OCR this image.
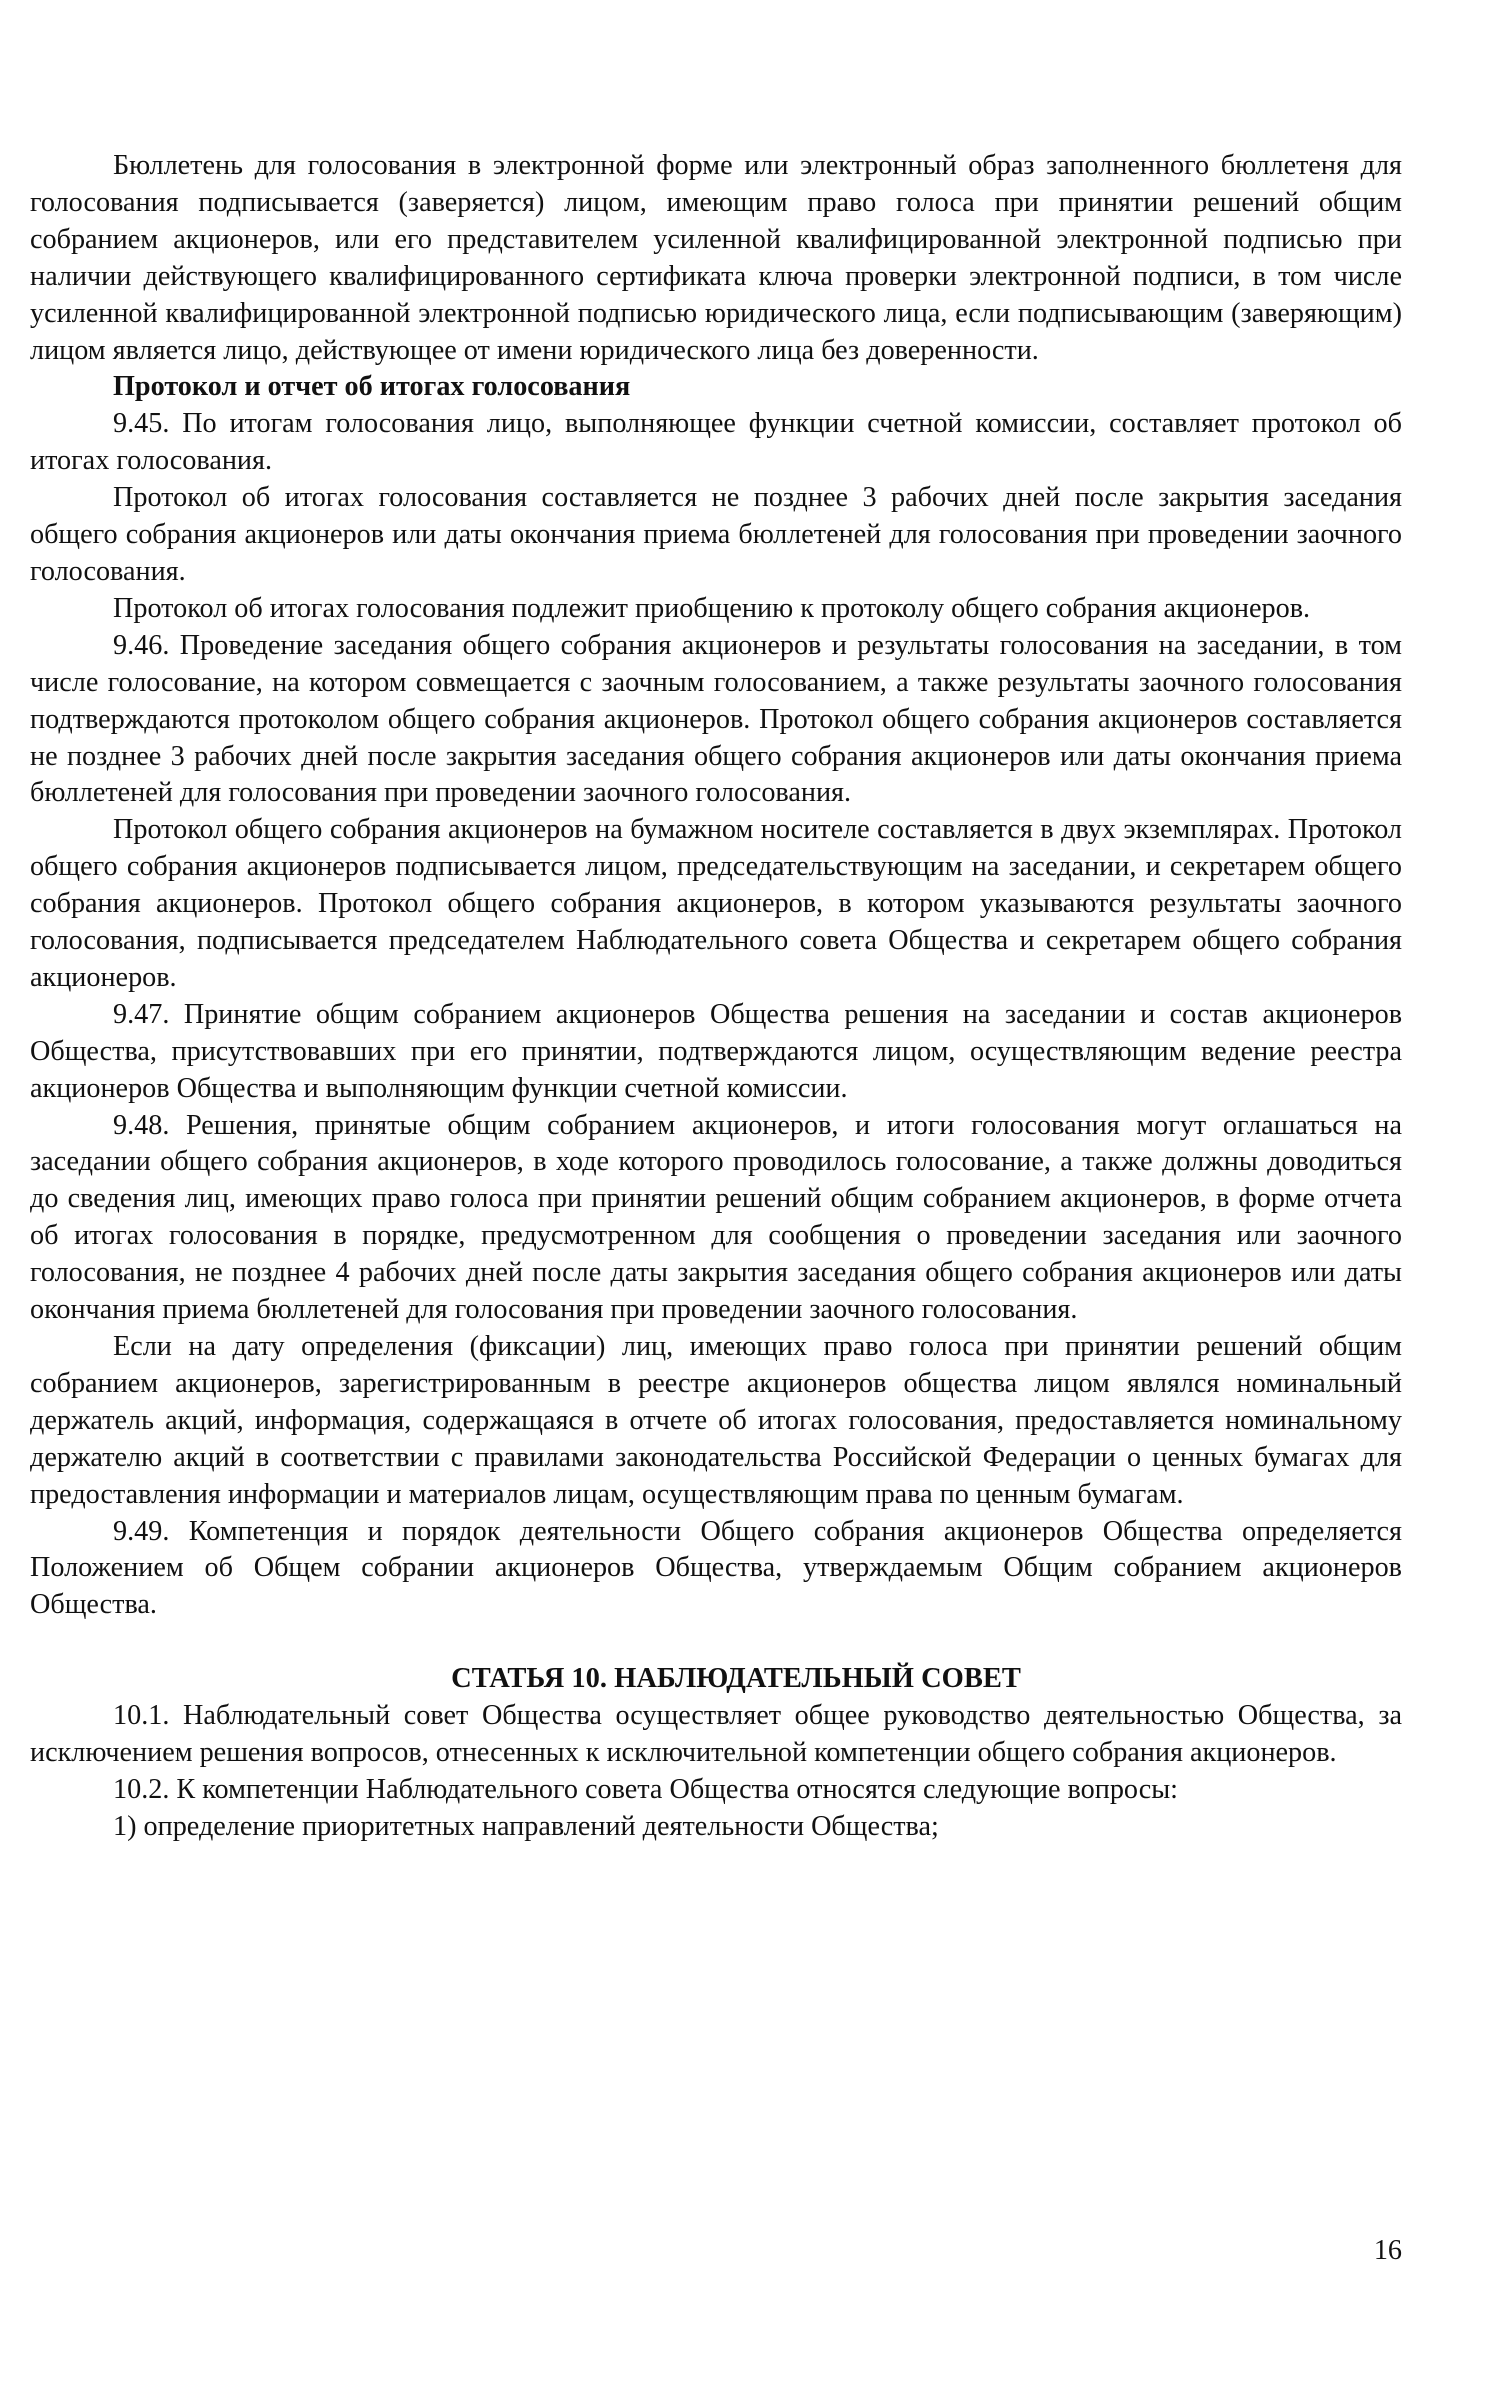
Бюллетень для голосования в электронной форме или электронный образ заполненного бюллетеня для голосования подписывается (заверяется) лицом, имеющим право голоса при принятии решений общим собранием акционеров, или его представителем усиленной квалифицированной электронной подписью при наличии действующего квалифицированного сертификата ключа проверки электронной подписи, в том числе усиленной квалифицированной электронной подписью юридического лица, если подписывающим (заверяющим) лицом является лицо, действующее от имени юридического лица без доверенности.

Протокол и отчет об итогах голосования

9.45. По итогам голосования лицо, выполняющее функции счетной комиссии, составляет протокол об итогах голосования.

Протокол об итогах голосования составляется не позднее 3 рабочих дней после закрытия заседания общего собрания акционеров или даты окончания приема бюллетеней для голосования при проведении заочного голосования.

Протокол об итогах голосования подлежит приобщению к протоколу общего собрания акционеров.

9.46. Проведение заседания общего собрания акционеров и результаты голосования на заседании, в том числе голосование, на котором совмещается с заочным голосованием, а также результаты заочного голосования подтверждаются протоколом общего собрания акционеров. Протокол общего собрания акционеров составляется не позднее 3 рабочих дней после закрытия заседания общего собрания акционеров или даты окончания приема бюллетеней для голосования при проведении заочного голосования.

Протокол общего собрания акционеров на бумажном носителе составляется в двух экземплярах. Протокол общего собрания акционеров подписывается лицом, председательствующим на заседании, и секретарем общего собрания акционеров. Протокол общего собрания акционеров, в котором указываются результаты заочного голосования, подписывается председателем Наблюдательного совета Общества и секретарем общего собрания акционеров.

9.47. Принятие общим собранием акционеров Общества решения на заседании и состав акционеров Общества, присутствовавших при его принятии, подтверждаются лицом, осуществляющим ведение реестра акционеров Общества и выполняющим функции счетной комиссии.

9.48. Решения, принятые общим собранием акционеров, и итоги голосования могут оглашаться на заседании общего собрания акционеров, в ходе которого проводилось голосование, а также должны доводиться до сведения лиц, имеющих право голоса при принятии решений общим собранием акционеров, в форме отчета об итогах голосования в порядке, предусмотренном для сообщения о проведении заседания или заочного голосования, не позднее 4 рабочих дней после даты закрытия заседания общего собрания акционеров или даты окончания приема бюллетеней для голосования при проведении заочного голосования.

Если на дату определения (фиксации) лиц, имеющих право голоса при принятии решений общим собранием акционеров, зарегистрированным в реестре акционеров общества лицом являлся номинальный держатель акций, информация, содержащаяся в отчете об итогах голосования, предоставляется номинальному держателю акций в соответствии с правилами законодательства Российской Федерации о ценных бумагах для предоставления информации и материалов лицам, осуществляющим права по ценным бумагам.

9.49. Компетенция и порядок деятельности Общего собрания акционеров Общества определяется Положением об Общем собрании акционеров Общества, утверждаемым Общим собранием акционеров Общества.

СТАТЬЯ 10. НАБЛЮДАТЕЛЬНЫЙ СОВЕТ

10.1. Наблюдательный совет Общества осуществляет общее руководство деятельностью Общества, за исключением решения вопросов, отнесенных к исключительной компетенции общего собрания акционеров.

10.2. К компетенции Наблюдательного совета Общества относятся следующие вопросы:

1) определение приоритетных направлений деятельности Общества;

16
